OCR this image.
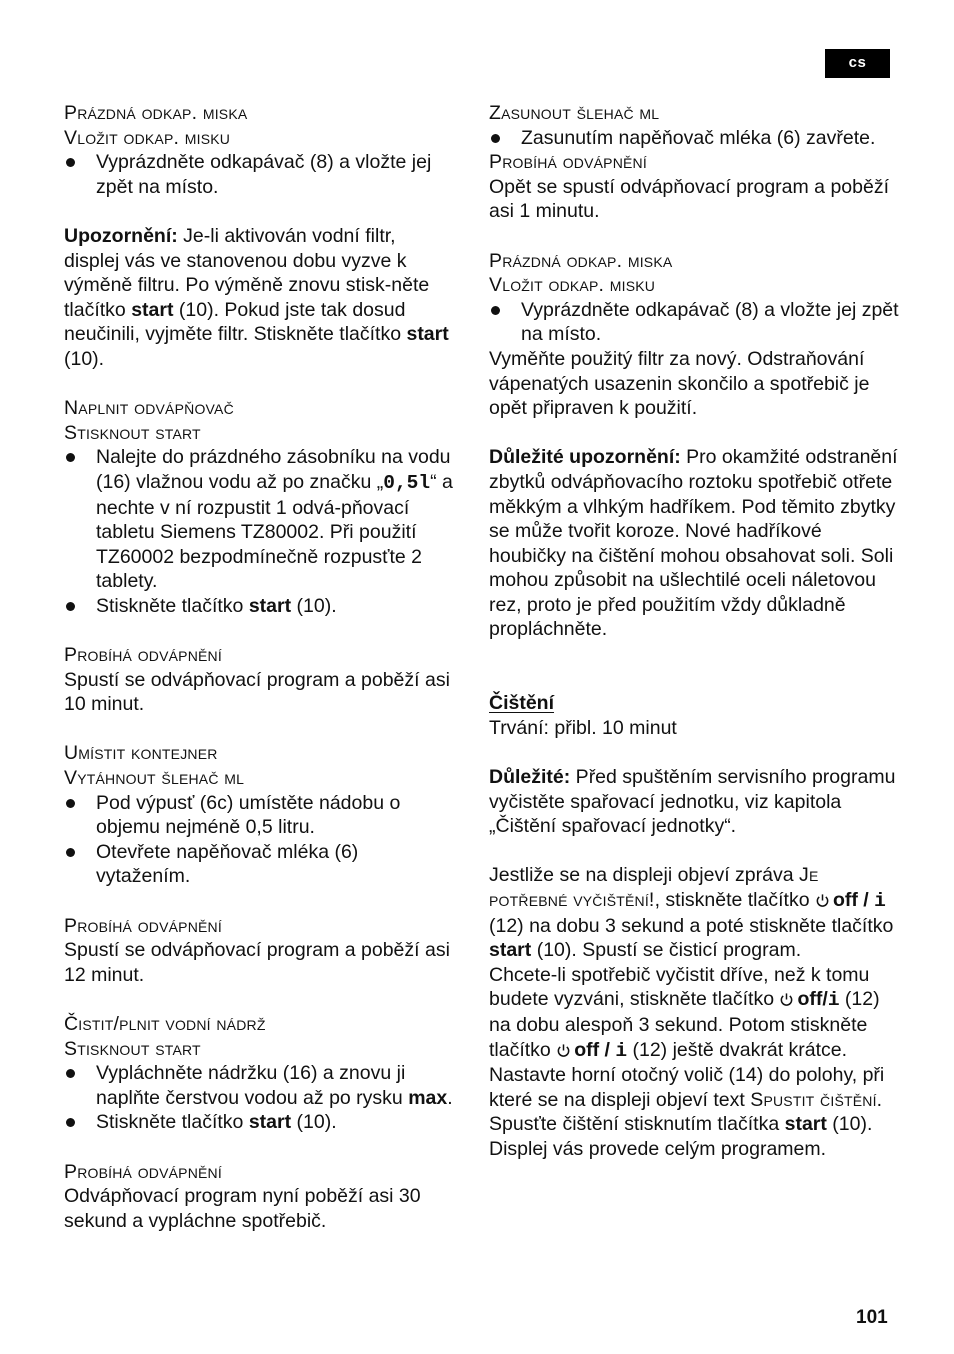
cs

Prázdná odkap. miska

Vložit odkap. misku

Vyprázdněte odkapávač (8) a vložte jej zpět na místo.

Upozornění: Je-li aktivován vodní filtr, displej vás ve stanovenou dobu vyzve k výměně filtru. Po výměně znovu stisk-něte tlačítko start (10). Pokud jste tak dosud neučinili, vyjměte filtr. Stiskněte tlačítko start (10).

Naplnit odvápňovač

Stisknout start

Nalejte do prázdného zásobníku na vodu (16) vlažnou vodu až po značku „0,5l“ a nechte v ní rozpustit 1 odvá-pňovací tabletu Siemens TZ80002. Při použití TZ60002 bezpodmínečně rozpusťte 2 tablety.
Stiskněte tlačítko start (10).

Probíhá odvápnění

Spustí se odvápňovací program a poběží asi 10 minut.

Umístit kontejner

Vytáhnout šlehač ml

Pod výpusť (6c) umístěte nádobu o objemu nejméně 0,5 litru.
Otevřete napěňovač mléka (6) vytažením.

Probíhá odvápnění

Spustí se odvápňovací program a poběží asi 12 minut.

Čistit/plnit vodní nádrž

Stisknout start

Vypláchněte nádržku (16) a znovu ji naplňte čerstvou vodou až po rysku max.
Stiskněte tlačítko start (10).

Probíhá odvápnění

Odvápňovací program nyní poběží asi 30 sekund a vypláchne spotřebič.

Zasunout šlehač ml

Zasunutím napěňovač mléka (6) zavřete.

Probíhá odvápnění

Opět se spustí odvápňovací program a poběží asi 1 minutu.

Prázdná odkap. miska

Vložit odkap. misku

Vyprázdněte odkapávač (8) a vložte jej zpět na místo.

Vyměňte použitý filtr za nový. Odstraňování vápenatých usazenin skončilo a spotřebič je opět připraven k použití.

Důležité upozornění: Pro okamžité odstranění zbytků odvápňovacího roztoku spotřebič otřete měkkým a vlhkým hadříkem. Pod těmito zbytky se může tvořit koroze. Nové hadříkové houbičky na čištění mohou obsahovat soli. Soli mohou způsobit na ušlechtilé oceli náletovou rez, proto je před použitím vždy důkladně propláchněte.

Čištění

Trvání: přibl. 10 minut

Důležité: Před spuštěním servisního programu vyčistěte spařovací jednotku, viz kapitola „Čištění spařovací jednotky“.

Jestliže se na displeji objeví zpráva Je potřebné vyčištění!, stiskněte tlačítko off / i (12) na dobu 3 sekund a poté stiskněte tlačítko start (10). Spustí se čisticí program.

Chcete-li spotřebič vyčistit dříve, než k tomu budete vyzváni, stiskněte tlačítko off/i (12) na dobu alespoň 3 sekund. Potom stiskněte tlačítko off / i (12) ještě dvakrát krátce. Nastavte horní otočný volič (14) do polohy, při které se na displeji objeví text Spustit čištění. Spusťte čištění stisknutím tlačítka start (10).

Displej vás provede celým programem.

101
